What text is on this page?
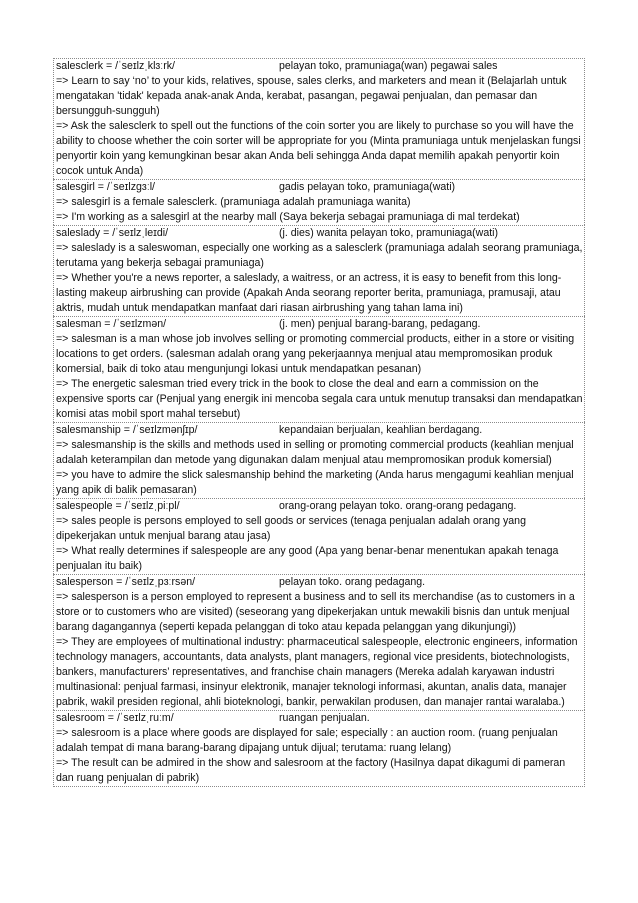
salesclerk = /ˈseɪlzˌklɜːrk/	pelayan toko, pramuniaga(wan) pegawai sales
=> Learn to say ‘no’ to your kids, relatives, spouse, sales clerks, and marketers and mean it (Belajarlah untuk mengatakan 'tidak' kepada anak-anak Anda, kerabat, pasangan, pegawai penjualan, dan pemasar dan bersungguh-sungguh)
=> Ask the salesclerk to spell out the functions of the coin sorter you are likely to purchase so you will have the ability to choose whether the coin sorter will be appropriate for you (Minta pramuniaga untuk menjelaskan fungsi penyortir koin yang kemungkinan besar akan Anda beli sehingga Anda dapat memilih apakah penyortir koin cocok untuk Anda)
salesgirl = /ˈseɪlzɡɜːl/	gadis pelayan toko, pramuniaga(wati)
=> salesgirl is a female salesclerk. (pramuniaga adalah pramuniaga wanita)
=> I'm working as a salesgirl at the nearby mall (Saya bekerja sebagai pramuniaga di mal terdekat)
saleslady = /ˈseɪlzˌleɪdi/	(j. dies) wanita pelayan toko, pramuniaga(wati)
=> saleslady is a saleswoman, especially one working as a salesclerk (pramuniaga adalah seorang pramuniaga, terutama yang bekerja sebagai pramuniaga)
=> Whether you're a news reporter, a saleslady, a waitress, or an actress, it is easy to benefit from this long-lasting makeup airbrushing can provide (Apakah Anda seorang reporter berita, pramuniaga, pramusaji, atau aktris, mudah untuk mendapatkan manfaat dari riasan airbrushing yang tahan lama ini)
salesman = /ˈseɪlzmən/	(j. men) penjual barang-barang, pedagang.
=> salesman is a man whose job involves selling or promoting commercial products, either in a store or visiting locations to get orders. (salesman adalah orang yang pekerjaannya menjual atau mempromosikan produk komersial, baik di toko atau mengunjungi lokasi untuk mendapatkan pesanan)
=> The energetic salesman tried every trick in the book to close the deal and earn a commission on the expensive sports car (Penjual yang energik ini mencoba segala cara untuk menutup transaksi dan mendapatkan komisi atas mobil sport mahal tersebut)
salesmanship = /ˈseɪlzmənʃɪp/	kepandaian berjualan, keahlian berdagang.
=> salesmanship is the skills and methods used in selling or promoting commercial products (keahlian menjual adalah keterampilan dan metode yang digunakan dalam menjual atau mempromosikan produk komersial)
=> you have to admire the slick salesmanship behind the marketing (Anda harus mengagumi keahlian menjual yang apik di balik pemasaran)
salespeople = /ˈseɪlzˌpiːpl/	orang-orang pelayan toko. orang-orang pedagang.
=> sales people is persons employed to sell goods or services (tenaga penjualan adalah orang yang dipekerjakan untuk menjual barang atau jasa)
=> What really determines if salespeople are any good (Apa yang benar-benar menentukan apakah tenaga penjualan itu baik)
salesperson = /ˈseɪlzˌpɜːrsən/	pelayan toko. orang pedagang.
=> salesperson is a person employed to represent a business and to sell its merchandise (as to customers in a store or to customers who are visited) (seseorang yang dipekerjakan untuk mewakili bisnis dan untuk menjual barang dagangannya (seperti kepada pelanggan di toko atau kepada pelanggan yang dikunjungi))
=> They are employees of multinational industry: pharmaceutical salespeople, electronic engineers, information technology managers, accountants, data analysts, plant managers, regional vice presidents, biotechnologists, bankers, manufacturers’ representatives, and franchise chain managers (Mereka adalah karyawan industri multinasional: penjual farmasi, insinyur elektronik, manajer teknologi informasi, akuntan, analis data, manajer pabrik, wakil presiden regional, ahli bioteknologi, bankir, perwakilan produsen, dan manajer rantai waralaba.)
salesroom = /ˈseɪlzˌruːm/	ruangan penjualan.
=> salesroom is a place where goods are displayed for sale; especially : an auction room. (ruang penjualan adalah tempat di mana barang-barang dipajang untuk dijual; terutama: ruang lelang)
=> The result can be admired in the show and salesroom at the factory (Hasilnya dapat dikagumi di pameran dan ruang penjualan di pabrik)
